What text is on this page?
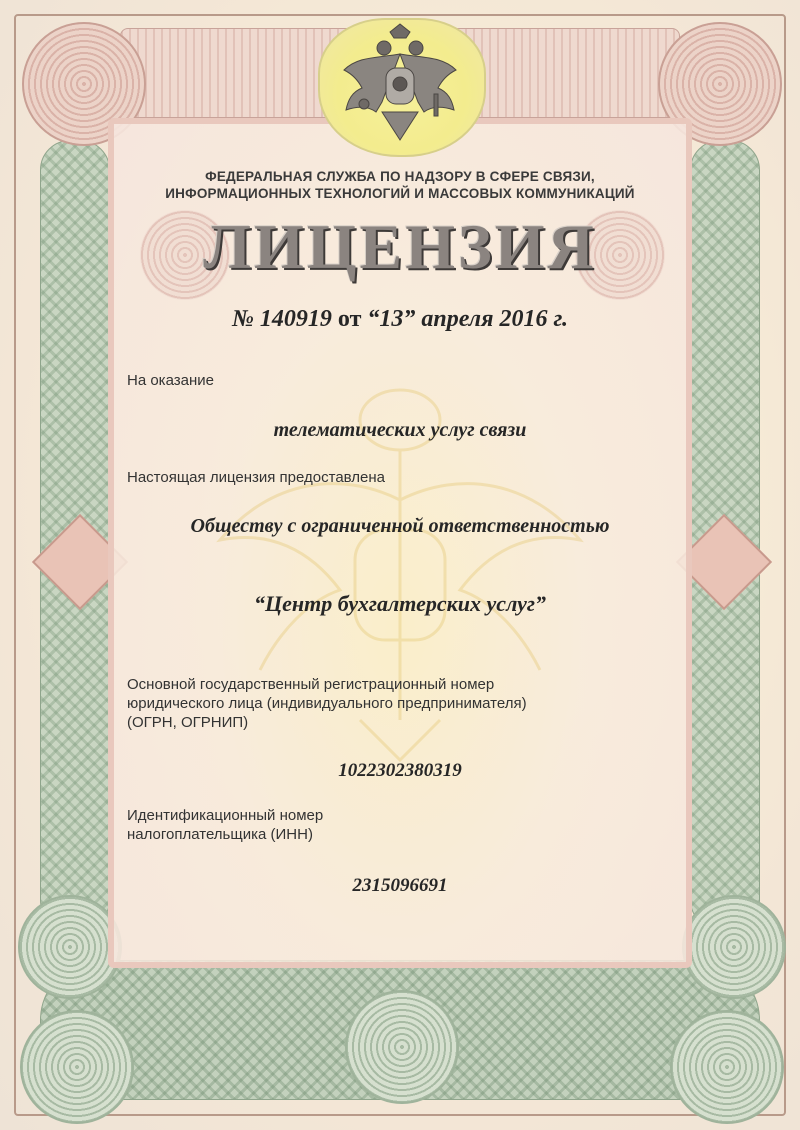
ФЕДЕРАЛЬНАЯ СЛУЖБА ПО НАДЗОРУ В СФЕРЕ СВЯЗИ,
ИНФОРМАЦИОННЫХ ТЕХНОЛОГИЙ И МАССОВЫХ КОММУНИКАЦИЙ
ЛИЦЕНЗИЯ
№ 140919 от “13” апреля 2016 г.
На оказание
телематических услуг связи
Настоящая лицензия предоставлена
Обществу с ограниченной ответственностью
“Центр бухгалтерских услуг”
Основной государственный регистрационный номер
юридического лица (индивидуального предпринимателя)
(ОГРН, ОГРНИП)
1022302380319
Идентификационный номер
налогоплательщика (ИНН)
2315096691
